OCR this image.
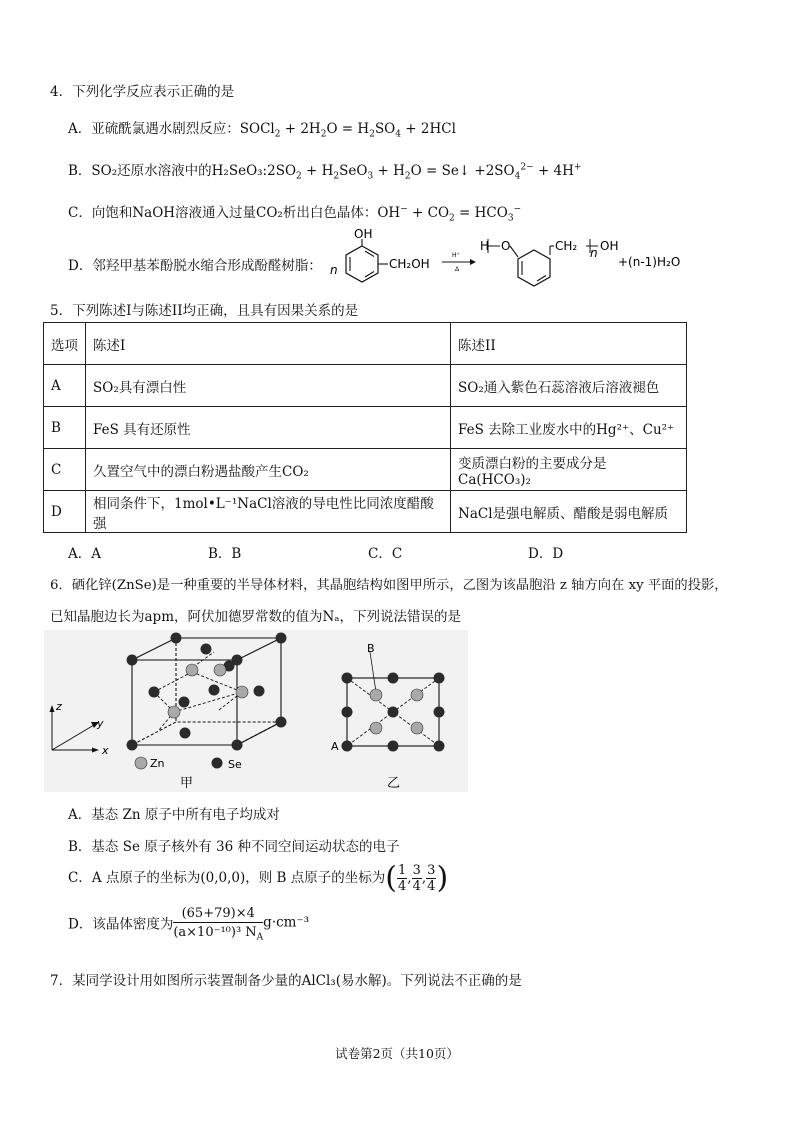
4．下列化学反应表示正确的是
A．亚硫酰氯遇水剧烈反应：SOCl$_2$ + $2H_2O = H_2SO_4 + 2HCl$
B．SO₂还原水溶液中的$H_2SeO_3:2SO_2 + H_2SeO_3 + H_2O$ = Se↓ $+2SO_4^{2-} + 4H^+$
C．向饱和NaOH溶液通入过量CO₂析出白色晶体：$OH^- + CO_2 = HCO_3^-$
D．邻羟甲基苯酚脱水缩合形成酚醛树脂：
OH
CH₂OH
n
H⁺
Δ
H O	CH₂ n OH
+(n-1)H₂O
5．下列陈述I与陈述II均正确，且具有因果关系的是
选项	陈述I	陈述II
A	SO₂具有漂白性	SO₂通入紫色石蕊溶液后溶液褪色
B	FeS 具有还原性	FeS 去除工业废水中的Hg²⁺、Cu²⁺
C	久置空气中的漂白粉遇盐酸产生CO₂	变质漂白粉的主要成分是Ca(HCO₃)₂
D	相同条件下，1mol•L⁻¹NaCl溶液的导电性比同浓度醋酸强	NaCl是强电解质、醋酸是弱电解质
A．A	B．B	C．C	D．D
6．硒化锌(ZnSe)是一种重要的半导体材料，其晶胞结构如图甲所示，乙图为该晶胞沿 z 轴方向在 xy 平面的投影，
已知晶胞边长为apm，阿伏加德罗常数的值为Nₐ，下列说法错误的是
z
y
x
Zn	Se
甲
B
A
乙
A．基态 Zn 原子中所有电子均成对
B．基态 Se 原子核外有 36 种不同空间运动状态的电子
C．A 点原子的坐标为(0,0,0)，则 B 点原子的坐标为( $\frac{1}{4}$ , $\frac{3}{4}$ , $\frac{3}{4}$ )
D．该晶体密度为 $\frac{(65+79)\times 4}{(a\times 10^{-10})^3 N_A} g\cdot cm^{-3}$
7．某同学设计用如图所示装置制备少量的AlCl₃(易水解)。下列说法不正确的是
试卷第2页（共10页）
